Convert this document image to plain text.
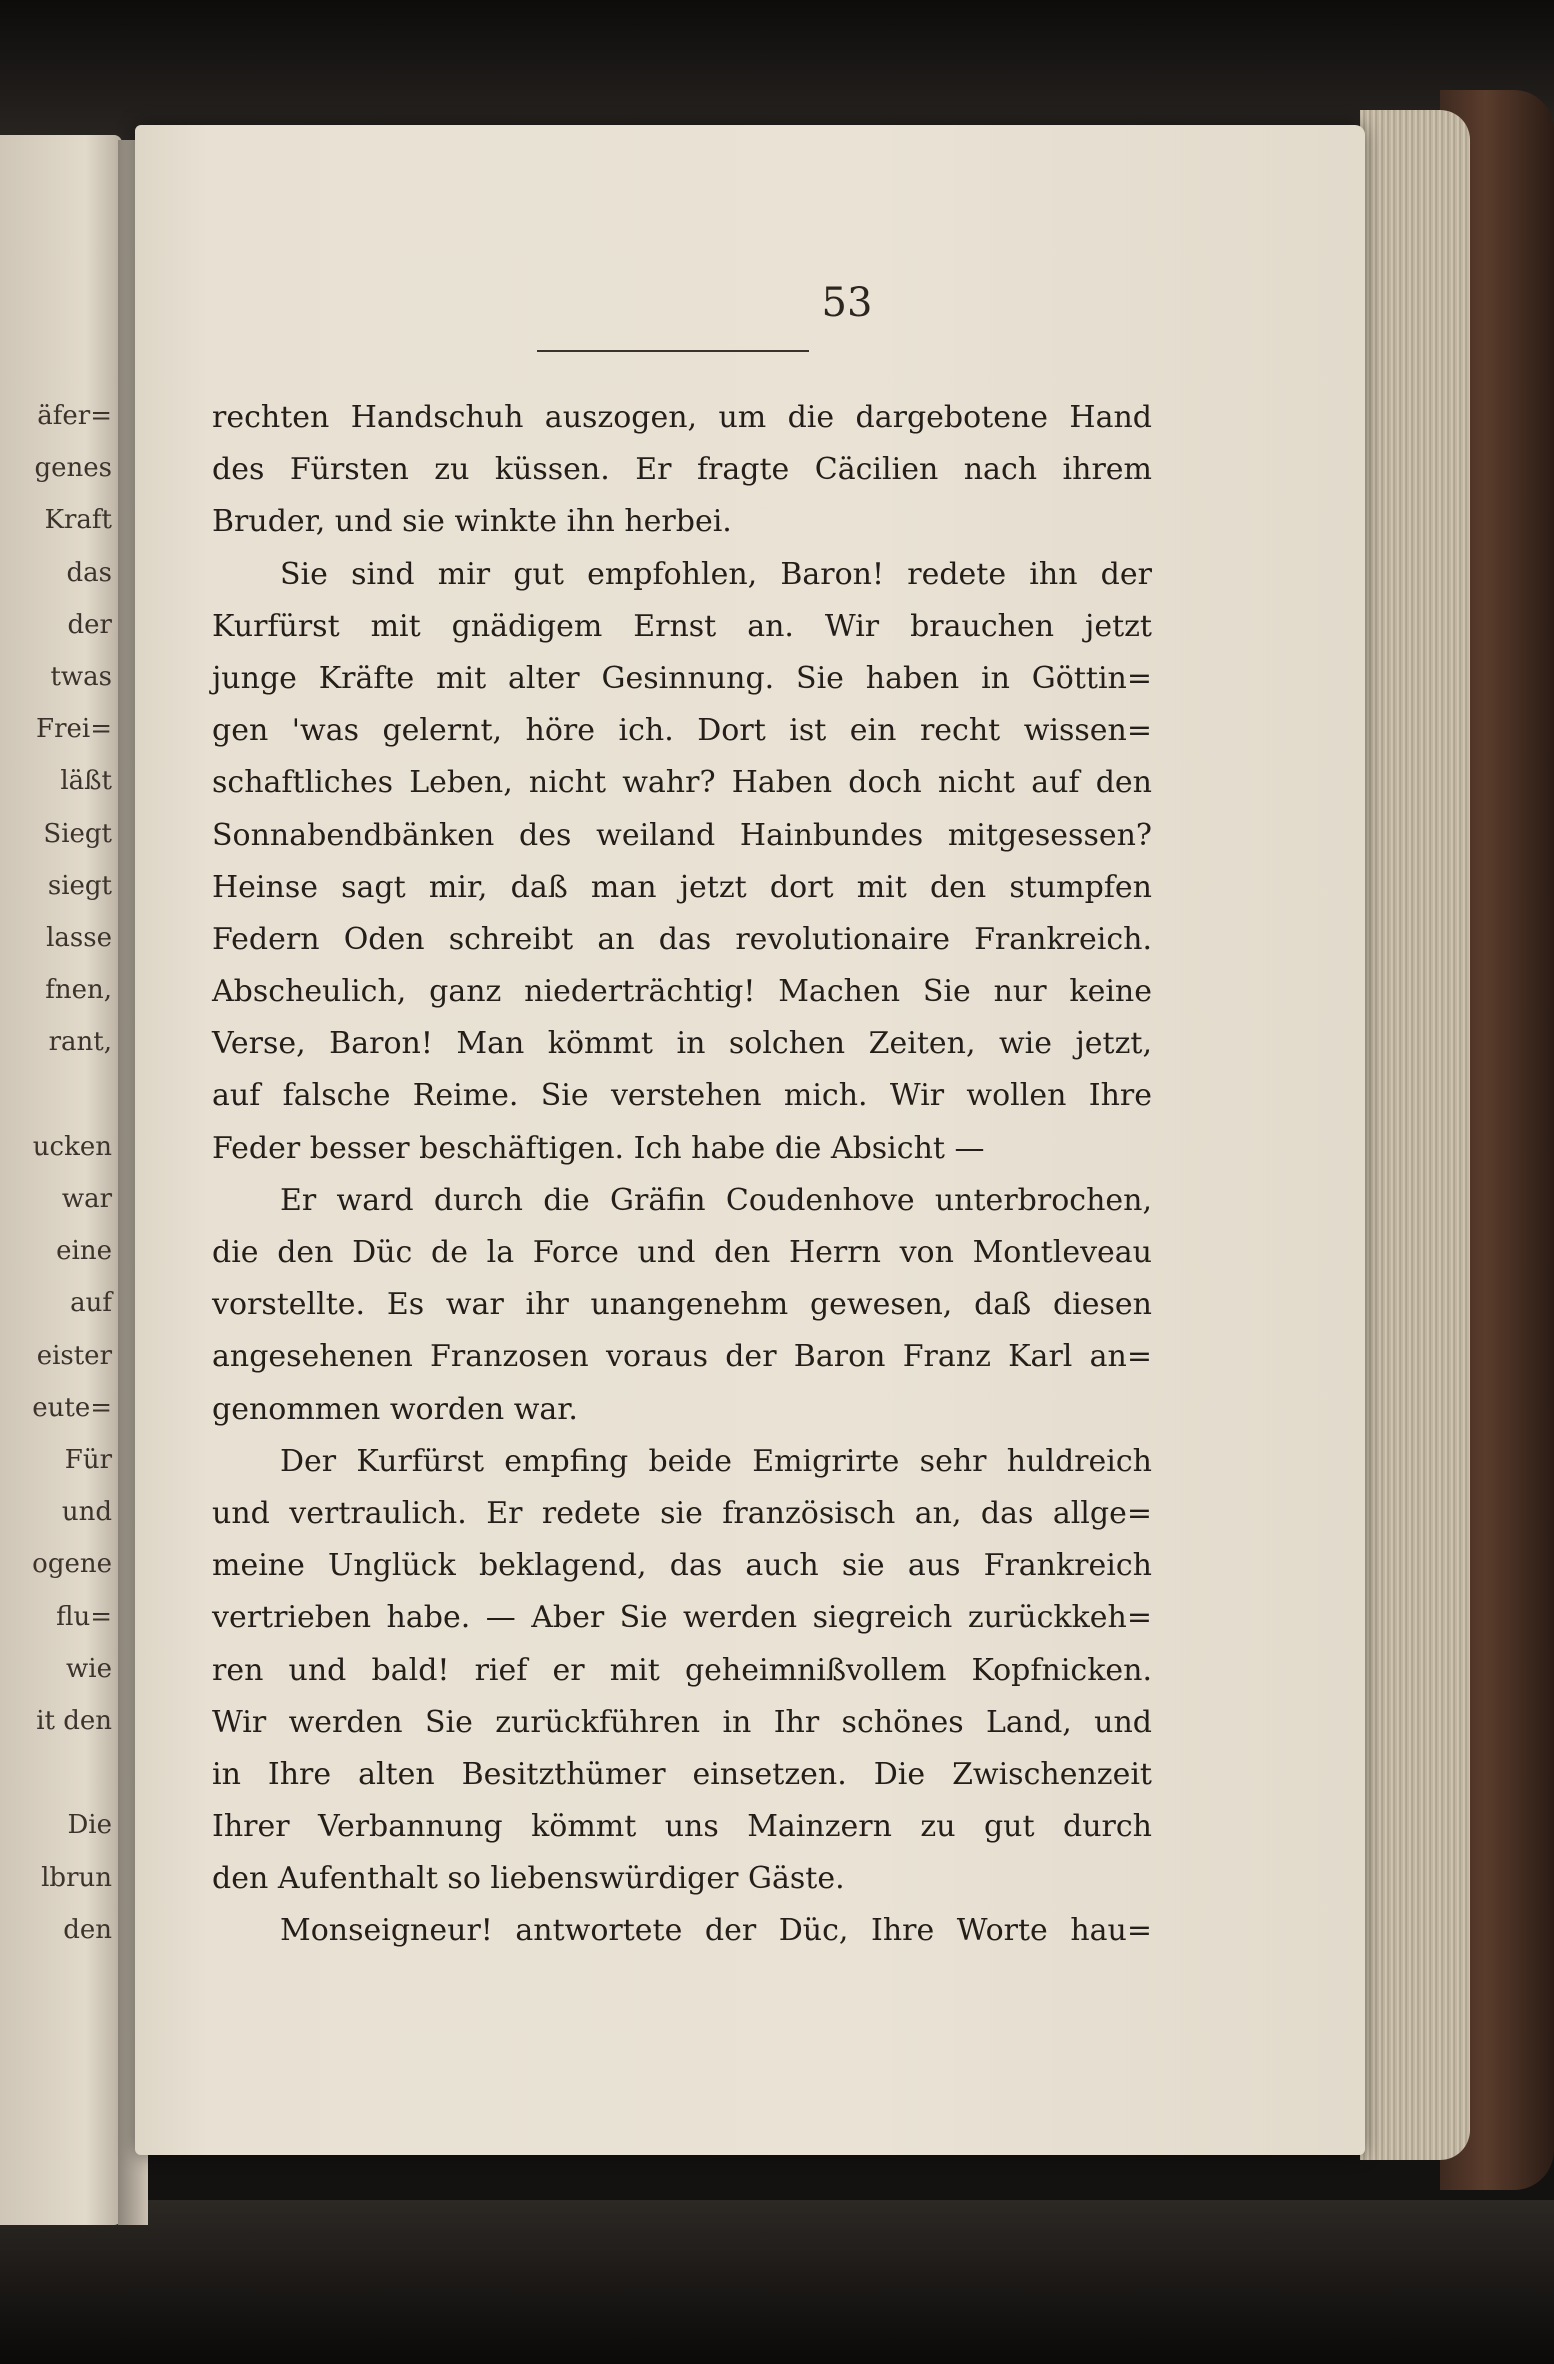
äfer=
genes
Kraft
das
der
twas
Frei=
läßt
Siegt
siegt
lasse
fnen,
rant,

ucken
war
eine
auf
eister
eute=
Für
und
ogene
flu=
wie
it den

Die
lbrun
den
53
rechten Handschuh auszogen, um die dargebotene Hand
des Fürsten zu küssen. Er fragte Cäcilien nach ihrem
Bruder, und sie winkte ihn herbei.
Sie sind mir gut empfohlen, Baron! redete ihn der
Kurfürst mit gnädigem Ernst an. Wir brauchen jetzt
junge Kräfte mit alter Gesinnung. Sie haben in Göttin=
gen 'was gelernt, höre ich. Dort ist ein recht wissen=
schaftliches Leben, nicht wahr? Haben doch nicht auf den
Sonnabendbänken des weiland Hainbundes mitgesessen?
Heinse sagt mir, daß man jetzt dort mit den stumpfen
Federn Oden schreibt an das revolutionaire Frankreich.
Abscheulich, ganz niederträchtig! Machen Sie nur keine
Verse, Baron! Man kömmt in solchen Zeiten, wie jetzt,
auf falsche Reime. Sie verstehen mich. Wir wollen Ihre
Feder besser beschäftigen. Ich habe die Absicht —
Er ward durch die Gräfin Coudenhove unterbrochen,
die den Düc de la Force und den Herrn von Montleveau
vorstellte. Es war ihr unangenehm gewesen, daß diesen
angesehenen Franzosen voraus der Baron Franz Karl an=
genommen worden war.
Der Kurfürst empfing beide Emigrirte sehr huldreich
und vertraulich. Er redete sie französisch an, das allge=
meine Unglück beklagend, das auch sie aus Frankreich
vertrieben habe. — Aber Sie werden siegreich zurückkeh=
ren und bald! rief er mit geheimnißvollem Kopfnicken.
Wir werden Sie zurückführen in Ihr schönes Land, und
in Ihre alten Besitzthümer einsetzen. Die Zwischenzeit
Ihrer Verbannung kömmt uns Mainzern zu gut durch
den Aufenthalt so liebenswürdiger Gäste.
Monseigneur! antwortete der Düc, Ihre Worte hau=
